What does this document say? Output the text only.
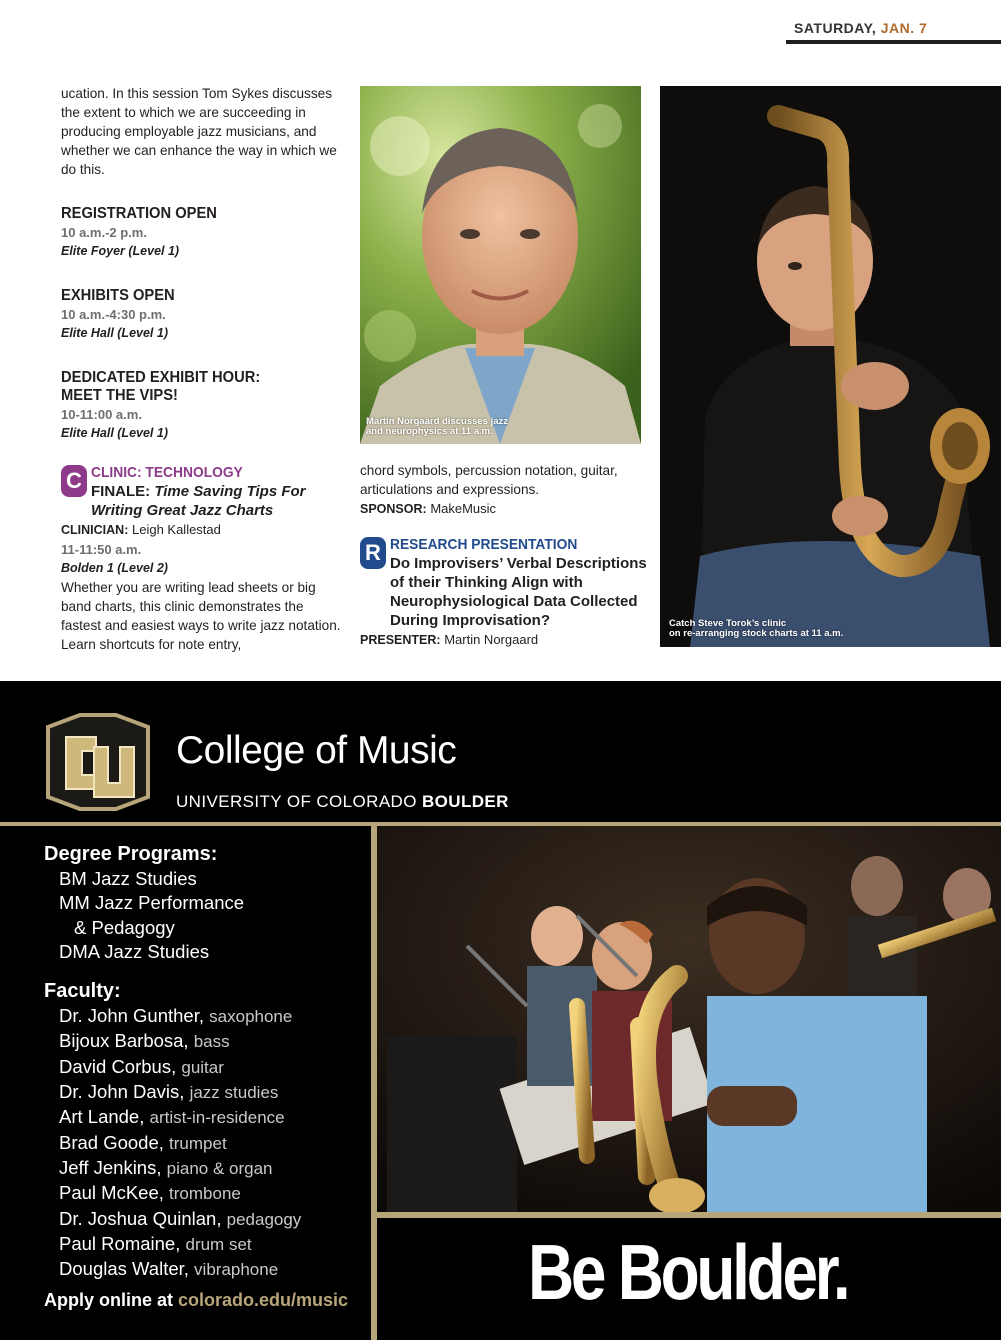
SATURDAY, JAN. 7

ucation. In this session Tom Sykes discusses the extent to which we are succeeding in producing employable jazz musicians, and whether we can enhance the way in which we do this.

REGISTRATION OPEN
10 a.m.-2 p.m.
Elite Foyer (Level 1)
EXHIBITS OPEN
10 a.m.-4:30 p.m.
Elite Hall (Level 1)
DEDICATED EXHIBIT HOUR:
MEET THE VIPS!
10-11:00 a.m.
Elite Hall (Level 1)
C CLINIC: TECHNOLOGY
FINALE: Time Saving Tips For Writing Great Jazz Charts
CLINICIAN: Leigh Kallestad
11-11:50 a.m.
Bolden 1 (Level 2)

Whether you are writing lead sheets or big band charts, this clinic demonstrates the fastest and easiest ways to write jazz notation. Learn shortcuts for note entry,

Martin Norgaard discusses jazz
and neurophysics at 11 a.m.

chord symbols, percussion notation, guitar, articulations and expressions.

SPONSOR: MakeMusic
R RESEARCH PRESENTATION
Do Improvisers’ Verbal Descriptions of their Thinking Align with Neurophysiological Data Collected During Improvisation?
PRESENTER: Martin Norgaard
Catch Steve Torok’s clinic
on re-arranging stock charts at 11 a.m.
College of Music
UNIVERSITY OF COLORADO BOULDER
Degree Programs:
BM Jazz Studies
MM Jazz Performance
& Pedagogy
DMA Jazz Studies
Faculty:
Dr. John Gunther, saxophone
Bijoux Barbosa, bass
David Corbus, guitar
Dr. John Davis, jazz studies
Art Lande, artist-in-residence
Brad Goode, trumpet
Jeff Jenkins, piano & organ
Paul McKee, trombone
Dr. Joshua Quinlan, pedagogy
Paul Romaine, drum set
Douglas Walter, vibraphone
Apply online at colorado.edu/music Be Boulder.
